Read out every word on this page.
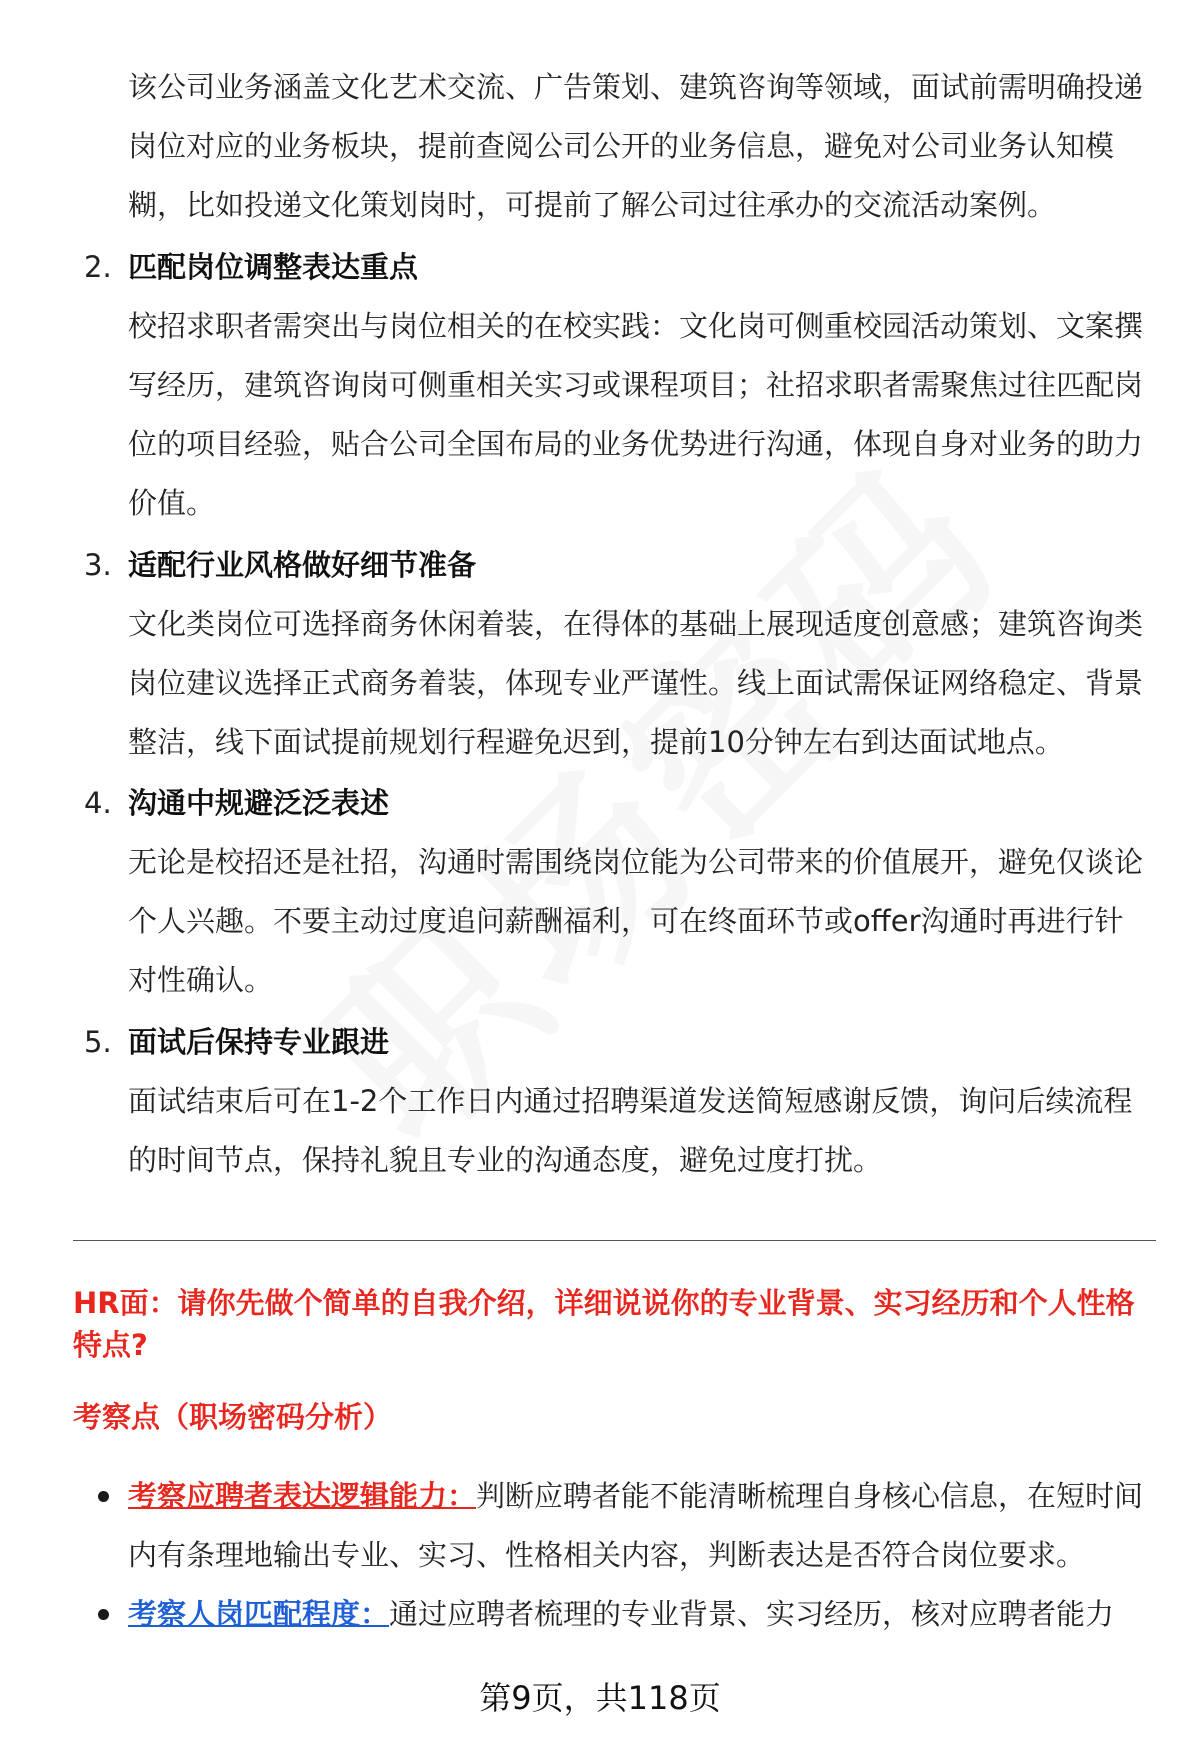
该公司业务涵盖文化艺术交流、广告策划、建筑咨询等领域，面试前需明确投递岗位对应的业务板块，提前查阅公司公开的业务信息，避免对公司业务认知模糊，比如投递文化策划岗时，可提前了解公司过往承办的交流活动案例。
2. 匹配岗位调整表达重点
校招求职者需突出与岗位相关的在校实践：文化岗可侧重校园活动策划、文案撰写经历，建筑咨询岗可侧重相关实习或课程项目；社招求职者需聚焦过往匹配岗位的项目经验，贴合公司全国布局的业务优势进行沟通，体现自身对业务的助力价值。
3. 适配行业风格做好细节准备
文化类岗位可选择商务休闲着装，在得体的基础上展现适度创意感；建筑咨询类岗位建议选择正式商务着装，体现专业严谨性。线上面试需保证网络稳定、背景整洁，线下面试提前规划行程避免迟到，提前10分钟左右到达面试地点。
4. 沟通中规避泛泛表述
无论是校招还是社招，沟通时需围绕岗位能为公司带来的价值展开，避免仅谈论个人兴趣。不要主动过度追问薪酬福利，可在终面环节或offer沟通时再进行针对性确认。
5. 面试后保持专业跟进
面试结束后可在1-2个工作日内通过招聘渠道发送简短感谢反馈，询问后续流程的时间节点，保持礼貌且专业的沟通态度，避免过度打扰。
HR面：请你先做个简单的自我介绍，详细说说你的专业背景、实习经历和个人性格特点?
考察点（职场密码分析）
考察应聘者表达逻辑能力：判断应聘者能不能清晰梳理自身核心信息，在短时间内有条理地输出专业、实习、性格相关内容，判断表达是否符合岗位要求。
考察人岗匹配程度：通过应聘者梳理的专业背景、实习经历，核对应聘者能力
第9页，共118页
